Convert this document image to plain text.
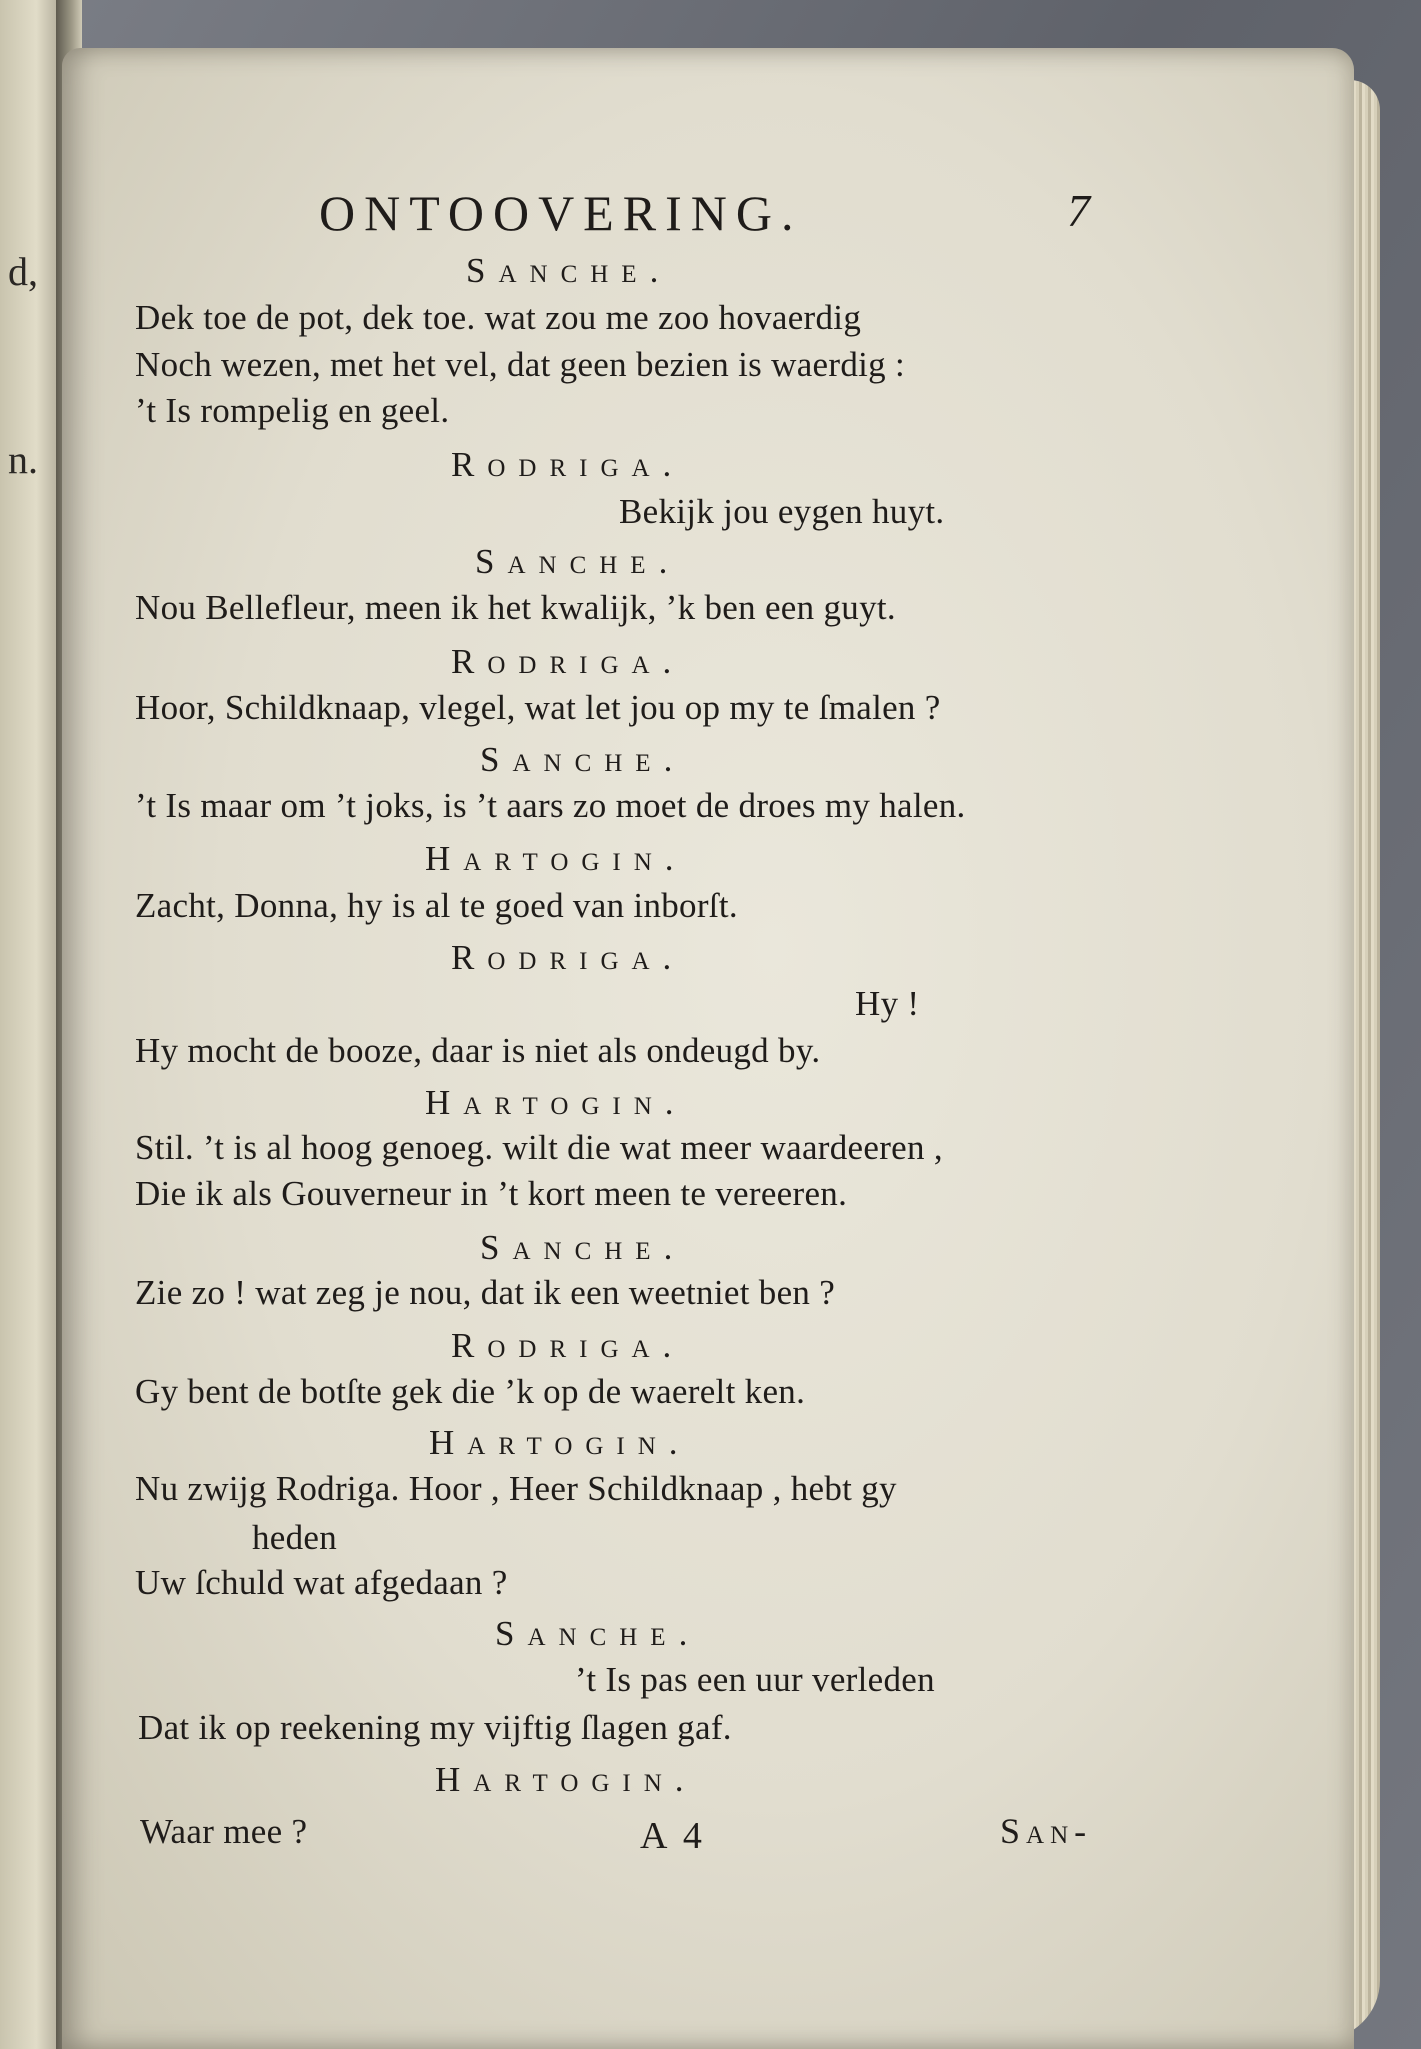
d,
n.
ONTOOVERING.	7
Sanche.
Dek toe de pot, dek toe. wat zou me zoo hovaerdig
Noch wezen, met het vel, dat geen bezien is waerdig :
’t Is rompelig en geel.
Rodriga.
Bekijk jou eygen huyt.
Sanche.
Nou Bellefleur, meen ik het kwalijk, ’k ben een guyt.
Rodriga.
Hoor, Schildknaap, vlegel, wat let jou op my te ſmalen ?
Sanche.
’t Is maar om ’t joks, is ’t aars zo moet de droes my halen.
Hartogin.
Zacht, Donna, hy is al te goed van inborſt.
Rodriga.
Hy !
Hy mocht de booze, daar is niet als ondeugd by.
Hartogin.
Stil. ’t is al hoog genoeg. wilt die wat meer waardeeren ,
Die ik als Gouverneur in ’t kort meen te vereeren.
Sanche.
Zie zo ! wat zeg je nou, dat ik een weetniet ben ?
Rodriga.
Gy bent de botſte gek die ’k op de waerelt ken.
Hartogin.
Nu zwijg Rodriga. Hoor , Heer Schildknaap , hebt gy
heden
Uw ſchuld wat afgedaan ?
Sanche.
’t Is pas een uur verleden
Dat ik op reekening my vijftig ſlagen gaf.
Hartogin.
Waar mee ?	A 4	San-
